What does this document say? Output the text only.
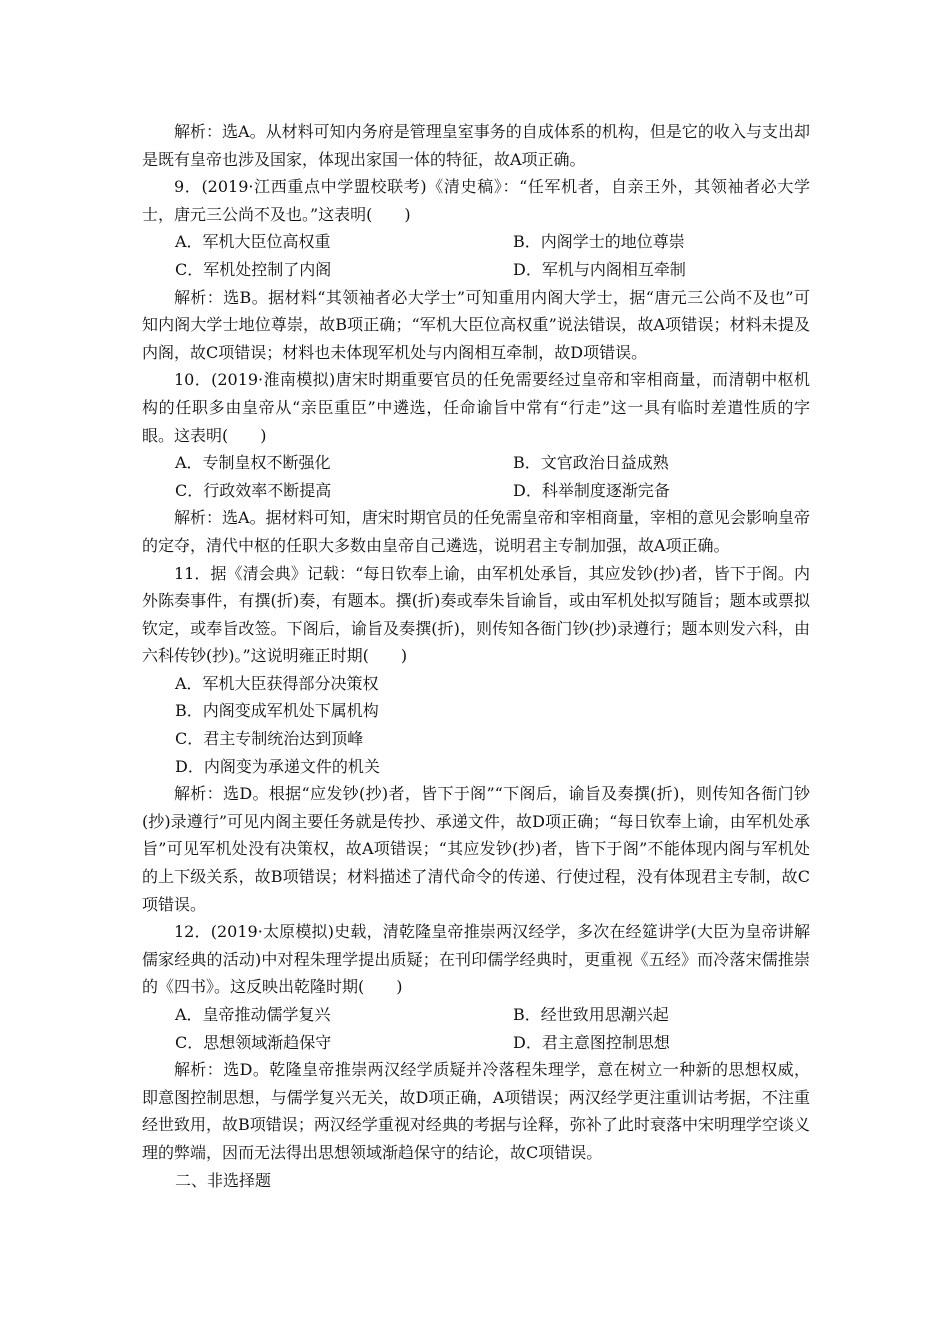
解析：选A。从材料可知内务府是管理皇室事务的自成体系的机构，但是它的收入与支出却是既有皇帝也涉及国家，体现出家国一体的特征，故A项正确。

9．(2019·江西重点中学盟校联考)《清史稿》：“任军机者，自亲王外，其领袖者必大学士，唐元三公尚不及也。”这表明(　　)

A．军机大臣位高权重	B．内阁学士的地位尊崇
C．军机处控制了内阁	D．军机与内阁相互牵制

解析：选B。据材料“其领袖者必大学士”可知重用内阁大学士，据“唐元三公尚不及也”可知内阁大学士地位尊崇，故B项正确；“军机大臣位高权重”说法错误，故A项错误；材料未提及内阁，故C项错误；材料也未体现军机处与内阁相互牵制，故D项错误。

10．(2019·淮南模拟)唐宋时期重要官员的任免需要经过皇帝和宰相商量，而清朝中枢机构的任职多由皇帝从“亲臣重臣”中遴选，任命谕旨中常有“行走”这一具有临时差遣性质的字眼。这表明(　　)

A．专制皇权不断强化	B．文官政治日益成熟
C．行政效率不断提高	D．科举制度逐渐完备

解析：选A。据材料可知，唐宋时期官员的任免需皇帝和宰相商量，宰相的意见会影响皇帝的定夺，清代中枢的任职大多数由皇帝自己遴选，说明君主专制加强，故A项正确。

11．据《清会典》记载：“每日钦奉上谕，由军机处承旨，其应发钞(抄)者，皆下于阁。内外陈奏事件，有撰(折)奏，有题本。撰(折)奏或奉朱旨谕旨，或由军机处拟写随旨；题本或票拟钦定，或奉旨改签。下阁后，谕旨及奏撰(折)，则传知各衙门钞(抄)录遵行；题本则发六科，由六科传钞(抄)。”这说明雍正时期(　　)

A．军机大臣获得部分决策权
B．内阁变成军机处下属机构
C．君主专制统治达到顶峰
D．内阁变为承递文件的机关

解析：选D。根据“应发钞(抄)者，皆下于阁”“下阁后，谕旨及奏撰(折)，则传知各衙门钞(抄)录遵行”可见内阁主要任务就是传抄、承递文件，故D项正确；“每日钦奉上谕，由军机处承旨”可见军机处没有决策权，故A项错误；“其应发钞(抄)者，皆下于阁”不能体现内阁与军机处的上下级关系，故B项错误；材料描述了清代命令的传递、行使过程，没有体现君主专制，故C项错误。

12．(2019·太原模拟)史载，清乾隆皇帝推崇两汉经学，多次在经筵讲学(大臣为皇帝讲解儒家经典的活动)中对程朱理学提出质疑；在刊印儒学经典时，更重视《五经》而冷落宋儒推崇的《四书》。这反映出乾隆时期(　　)

A．皇帝推动儒学复兴	B．经世致用思潮兴起
C．思想领域渐趋保守	D．君主意图控制思想

解析：选D。乾隆皇帝推崇两汉经学质疑并冷落程朱理学，意在树立一种新的思想权威，即意图控制思想，与儒学复兴无关，故D项正确，A项错误；两汉经学更注重训诂考据，不注重经世致用，故B项错误；两汉经学重视对经典的考据与诠释，弥补了此时衰落中宋明理学空谈义理的弊端，因而无法得出思想领域渐趋保守的结论，故C项错误。

二、非选择题
